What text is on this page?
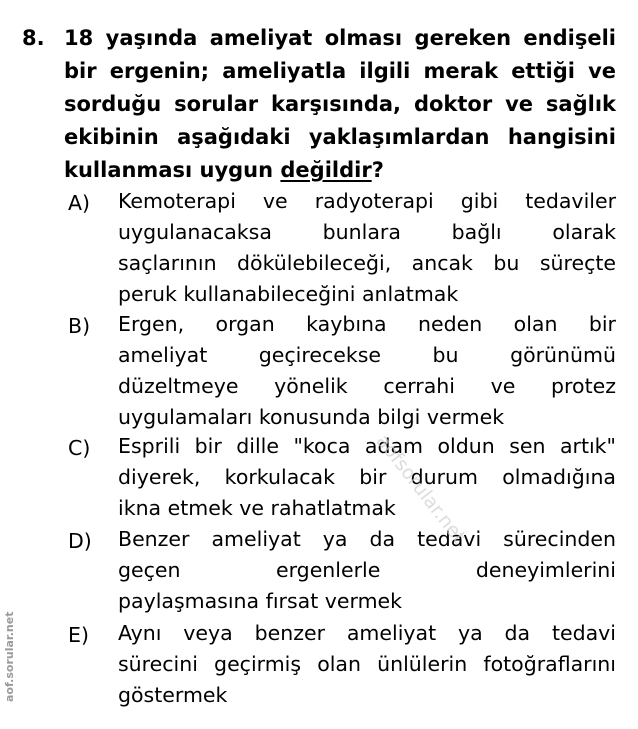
8. 18 yaşında ameliyat olması gereken endişeli
bir ergenin; ameliyatla ilgili merak ettiği ve
sorduğu sorular karşısında, doktor ve sağlık
ekibinin aşağıdaki yaklaşımlardan hangisini
kullanması uygun değildir?
A)	Kemoterapi ve radyoterapi gibi tedaviler
uygulanacaksa bunlara bağlı olarak
saçlarının dökülebileceği, ancak bu süreçte
peruk kullanabileceğini anlatmak
B)	Ergen, organ kaybına neden olan bir
ameliyat geçirecekse bu görünümü
düzeltmeye yönelik cerrahi ve protez
uygulamaları konusunda bilgi vermek
C)	Esprili bir dille "koca adam oldun sen artık"
diyerek, korkulacak bir durum olmadığına
ikna etmek ve rahatlatmak
D)	Benzer ameliyat ya da tedavi sürecinden
geçen ergenlerle deneyimlerini
paylaşmasına fırsat vermek
E)	Aynı veya benzer ameliyat ya da tedavi
sürecini geçirmiş olan ünlülerin fotoğraflarını
göstermek
aofsorular.net
aof.sorular.net
